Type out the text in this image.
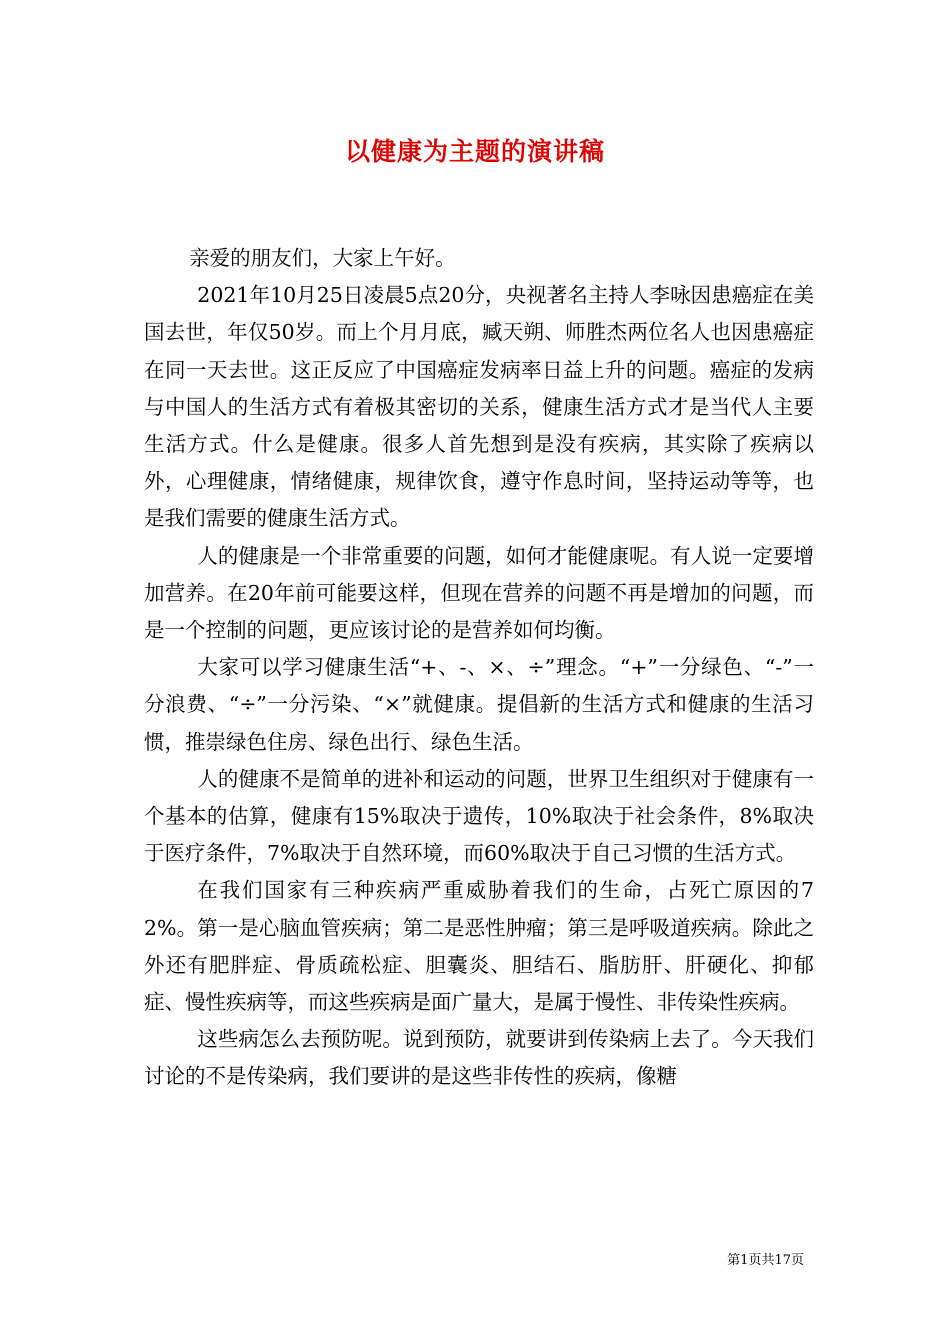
以健康为主题的演讲稿

亲爱的朋友们，大家上午好。

2021年10月25日凌晨5点20分，央视著名主持人李咏因患癌症在美国去世，年仅50岁。而上个月月底，臧天朔、师胜杰两位名人也因患癌症在同一天去世。这正反应了中国癌症发病率日益上升的问题。癌症的发病与中国人的生活方式有着极其密切的关系，健康生活方式才是当代人主要生活方式。什么是健康。很多人首先想到是没有疾病，其实除了疾病以外，心理健康，情绪健康，规律饮食，遵守作息时间，坚持运动等等，也是我们需要的健康生活方式。

人的健康是一个非常重要的问题，如何才能健康呢。有人说一定要增加营养。在20年前可能要这样，但现在营养的问题不再是增加的问题，而是一个控制的问题，更应该讨论的是营养如何均衡。

大家可以学习健康生活“+、-、×、÷”理念。“+”一分绿色、“-”一分浪费、“÷”一分污染、“×”就健康。提倡新的生活方式和健康的生活习惯，推崇绿色住房、绿色出行、绿色生活。

人的健康不是简单的进补和运动的问题，世界卫生组织对于健康有一个基本的估算，健康有15%取决于遗传，10%取决于社会条件，8%取决于医疗条件，7%取决于自然环境，而60%取决于自己习惯的生活方式。

在我们国家有三种疾病严重威胁着我们的生命，占死亡原因的72%。第一是心脑血管疾病；第二是恶性肿瘤；第三是呼吸道疾病。除此之外还有肥胖症、骨质疏松症、胆囊炎、胆结石、脂肪肝、肝硬化、抑郁症、慢性疾病等，而这些疾病是面广量大，是属于慢性、非传染性疾病。

这些病怎么去预防呢。说到预防，就要讲到传染病上去了。今天我们讨论的不是传染病，我们要讲的是这些非传性的疾病，像糖

第1页共17页
